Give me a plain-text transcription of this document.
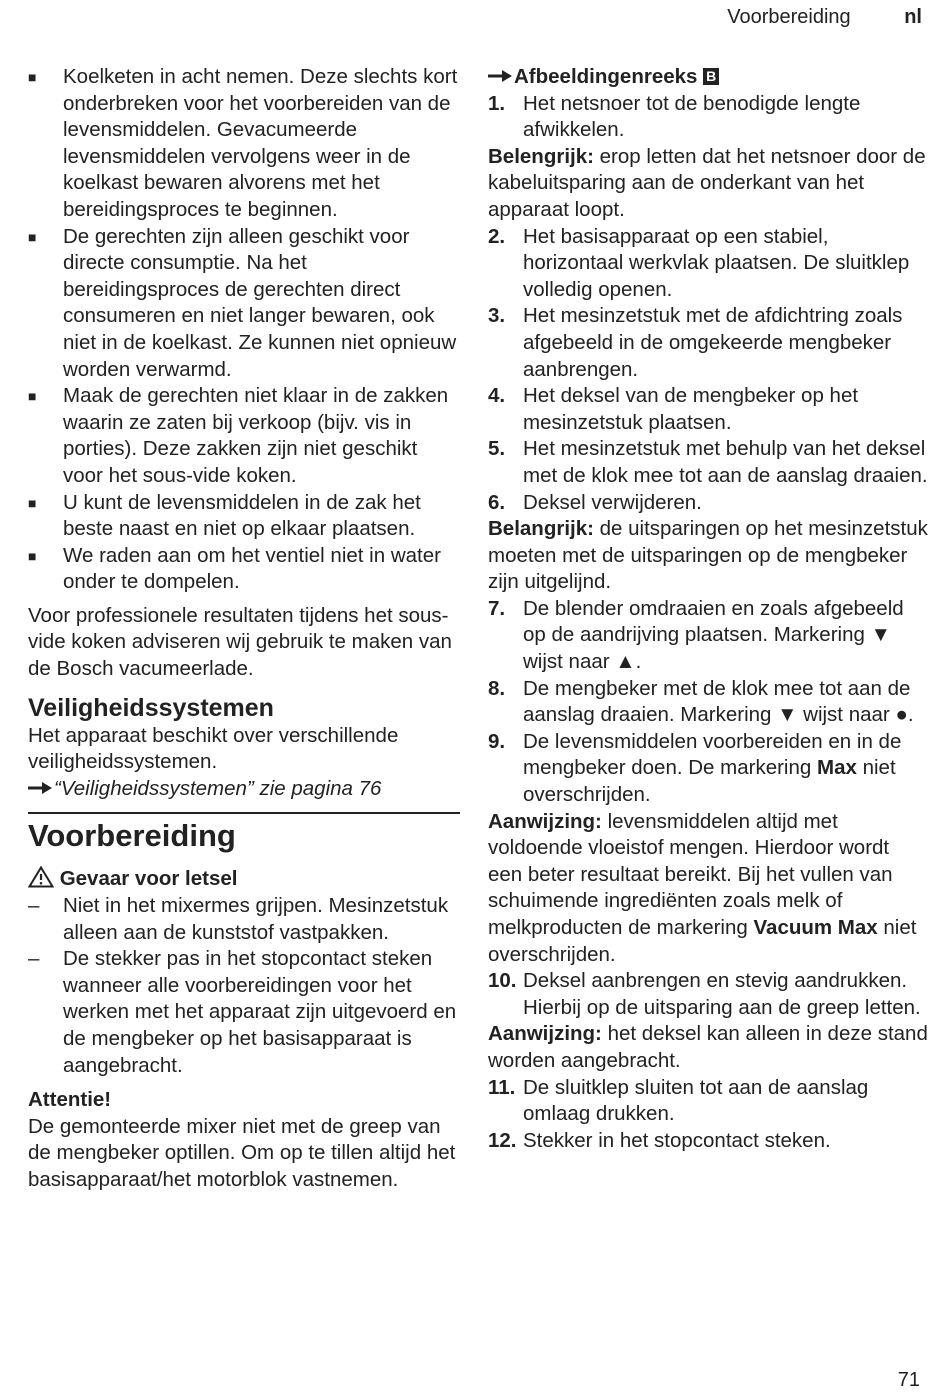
Voorbereiding	nl
■ Koelketen in acht nemen. Deze slechts kort onderbreken voor het voorbereiden van de levensmiddelen. Gevacumeerde levensmiddelen vervolgens weer in de koelkast bewaren alvorens met het bereidingsproces te beginnen.
■ De gerechten zijn alleen geschikt voor directe consumptie. Na het bereidingsproces de gerechten direct consumeren en niet langer bewaren, ook niet in de koelkast. Ze kunnen niet opnieuw worden verwarmd.
■ Maak de gerechten niet klaar in de zakken waarin ze zaten bij verkoop (bijv. vis in porties). Deze zakken zijn niet geschikt voor het sous-vide koken.
■ U kunt de levensmiddelen in de zak het beste naast en niet op elkaar plaatsen.
■ We raden aan om het ventiel niet in water onder te dompelen.
Voor professionele resultaten tijdens het sous-vide koken adviseren wij gebruik te maken van de Bosch vacumeerlade.
Veiligheidssystemen
Het apparaat beschikt over verschillende veiligheidssystemen.
“Veiligheidssystemen” zie pagina 76
Voorbereiding
Gevaar voor letsel
– Niet in het mixermes grijpen. Mesinzetstuk alleen aan de kunststof vastpakken.
– De stekker pas in het stopcontact steken wanneer alle voorbereidingen voor het werken met het apparaat zijn uitgevoerd en de mengbeker op het basisapparaat is aangebracht.
Attentie!
De gemonteerde mixer niet met de greep van de mengbeker optillen. Om op te tillen altijd het basisapparaat/het motorblok vastnemen.
Afbeeldingenreeks B
1. Het netsnoer tot de benodigde lengte afwikkelen.
Belengrijk: erop letten dat het netsnoer door de kabeluitsparing aan de onderkant van het apparaat loopt.
2. Het basisapparaat op een stabiel, horizontaal werkvlak plaatsen. De sluitklep volledig openen.
3. Het mesinzetstuk met de afdichtring zoals afgebeeld in de omgekeerde mengbeker aanbrengen.
4. Het deksel van de mengbeker op het mesinzetstuk plaatsen.
5. Het mesinzetstuk met behulp van het deksel met de klok mee tot aan de aanslag draaien.
6. Deksel verwijderen.
Belangrijk: de uitsparingen op het mesinzetstuk moeten met de uitsparingen op de mengbeker zijn uitgelijnd.
7. De blender omdraaien en zoals afgebeeld op de aandrijving plaatsen. Markering ▼ wijst naar ▲.
8. De mengbeker met de klok mee tot aan de aanslag draaien. Markering ▼ wijst naar ●.
9. De levensmiddelen voorbereiden en in de mengbeker doen. De markering Max niet overschrijden.
Aanwijzing: levensmiddelen altijd met voldoende vloeistof mengen. Hierdoor wordt een beter resultaat bereikt. Bij het vullen van schuimende ingrediënten zoals melk of melkproducten de markering Vacuum Max niet overschrijden.
10. Deksel aanbrengen en stevig aandrukken. Hierbij op de uitsparing aan de greep letten.
Aanwijzing: het deksel kan alleen in deze stand worden aangebracht.
11. De sluitklep sluiten tot aan de aanslag omlaag drukken.
12. Stekker in het stopcontact steken.
71
